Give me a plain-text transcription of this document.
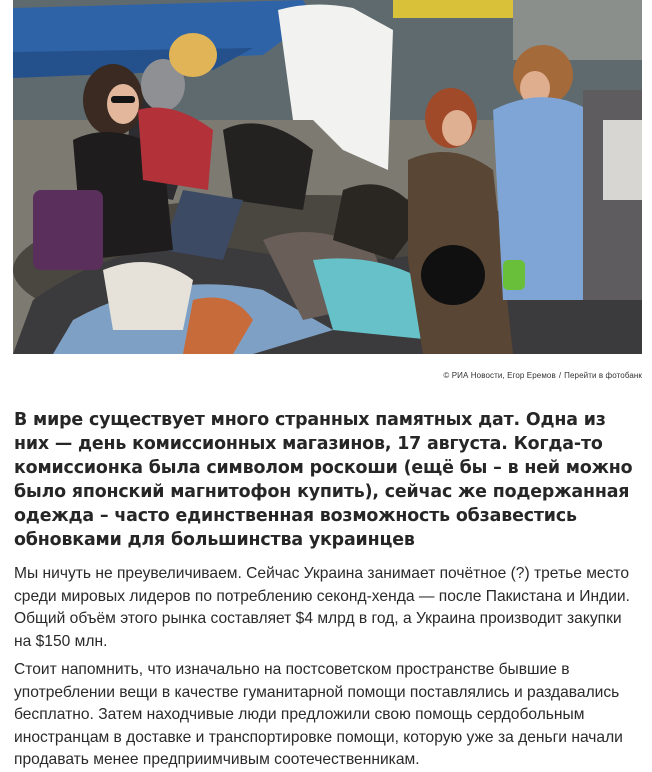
© РИА Новости, Егор Еремов / Перейти в фотобанк

В мире существует много странных памятных дат. Одна из них — день комиссионных магазинов, 17 августа. Когда-то комиссионка была символом роскоши (ещё бы – в ней можно было японский магнитофон купить), сейчас же подержанная одежда – часто единственная возможность обзавестись обновками для большинства украинцев

Мы ничуть не преувеличиваем. Сейчас Украина занимает почётное (?) третье место среди мировых лидеров по потреблению секонд-хенда — после Пакистана и Индии. Общий объём этого рынка составляет $4 млрд в год, а Украина производит закупки на $150 млн.

Стоит напомнить, что изначально на постсоветском пространстве бывшие в употреблении вещи в качестве гуманитарной помощи поставлялись и раздавались бесплатно. Затем находчивые люди предложили свою помощь сердобольным иностранцам в доставке и транспортировке помощи, которую уже за деньги начали продавать менее предприимчивым соотечественникам.
